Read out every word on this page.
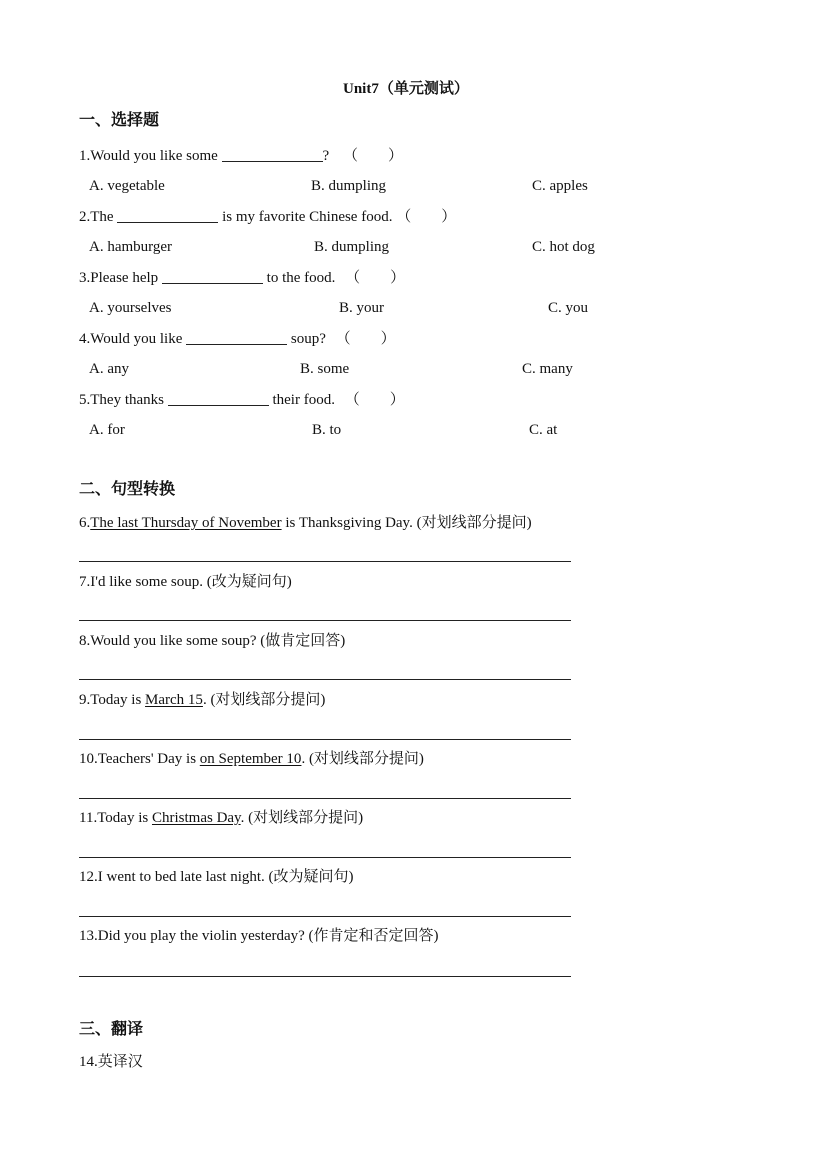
Unit7（单元测试）
一、选择题
1.Would you like some	? （　　）
A. vegetable	B. dumpling	C. apples
2.The	is my favorite Chinese food. （　　）
A. hamburger	B. dumpling	C. hot dog
3.Please help	to the food. （　　）
A. yourselves	B. your	C. you
4.Would you like	soup? （　　）
A. any	B. some	C. many
5.They thanks	their food. （　　）
A. for	B. to	C. at
二、句型转换
6.The last Thursday of November is Thanksgiving Day. (对划线部分提问)
7.I'd like some soup. (改为疑问句)
8.Would you like some soup? (做肯定回答)
9.Today is March 15. (对划线部分提问)
10.Teachers' Day is on September 10. (对划线部分提问)
11.Today is Christmas Day. (对划线部分提问)
12.I went to bed late last night. (改为疑问句)
13.Did you play the violin yesterday? (作肯定和否定回答)
三、翻译
14.英译汉
